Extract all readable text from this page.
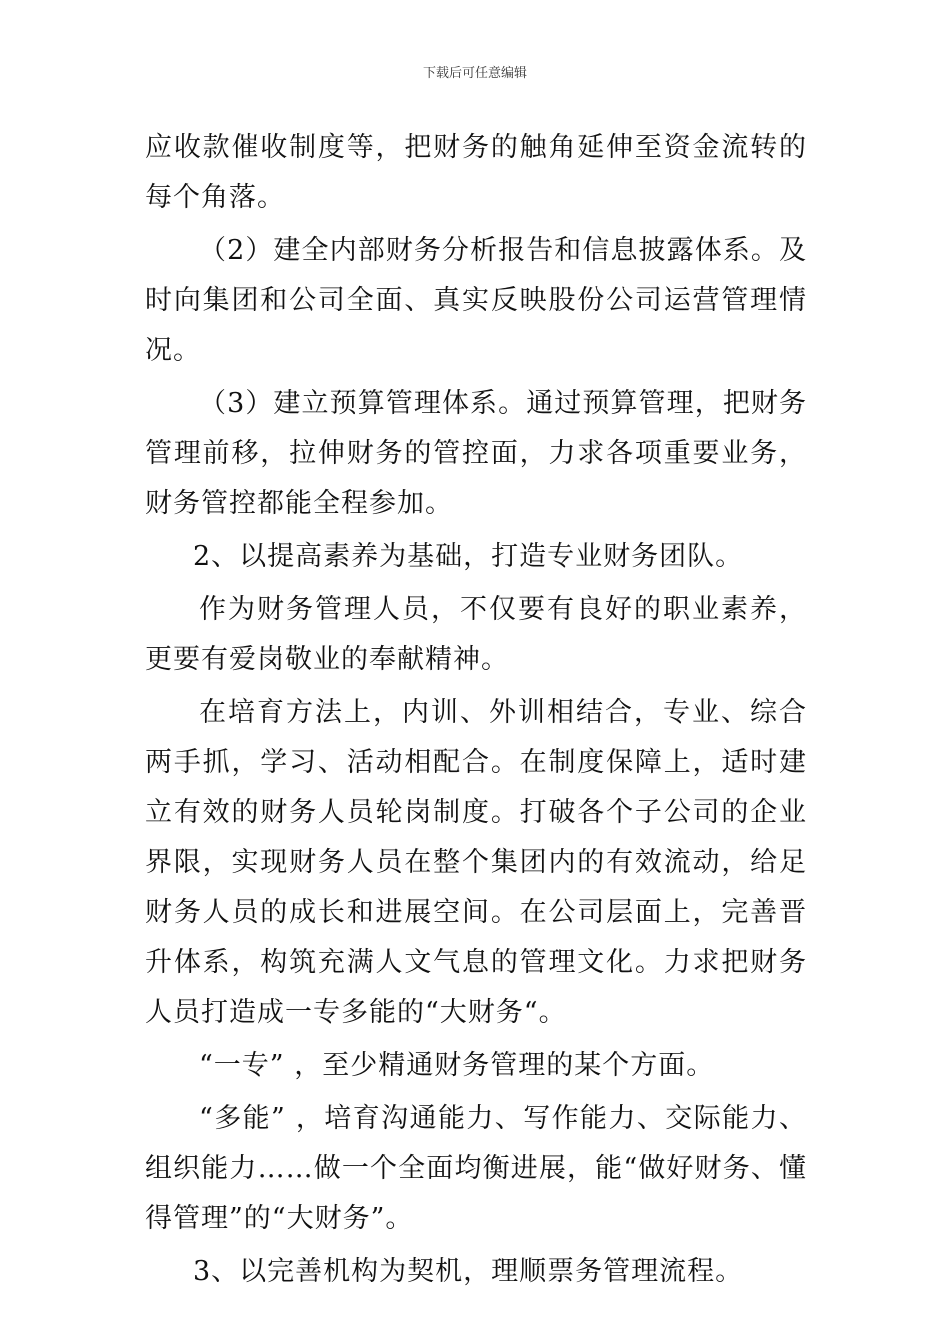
下载后可任意编辑

应收款催收制度等，把财务的触角延伸至资金流转的每个角落。

（2）建全内部财务分析报告和信息披露体系。及时向集团和公司全面、真实反映股份公司运营管理情况。

（3）建立预算管理体系。通过预算管理，把财务管理前移，拉伸财务的管控面，力求各项重要业务，财务管控都能全程参加。

2、以提高素养为基础，打造专业财务团队。

作为财务管理人员，不仅要有良好的职业素养，更要有爱岗敬业的奉献精神。

在培育方法上，内训、外训相结合，专业、综合两手抓，学习、活动相配合。在制度保障上，适时建立有效的财务人员轮岗制度。打破各个子公司的企业界限，实现财务人员在整个集团内的有效流动，给足财务人员的成长和进展空间。在公司层面上，完善晋升体系，构筑充满人文气息的管理文化。力求把财务人员打造成一专多能的“大财务“。

“一专” ，至少精通财务管理的某个方面。

“多能” ，培育沟通能力、写作能力、交际能力、组织能力……做一个全面均衡进展，能“做好财务、懂得管理”的“大财务”。

3、以完善机构为契机，理顺票务管理流程。
